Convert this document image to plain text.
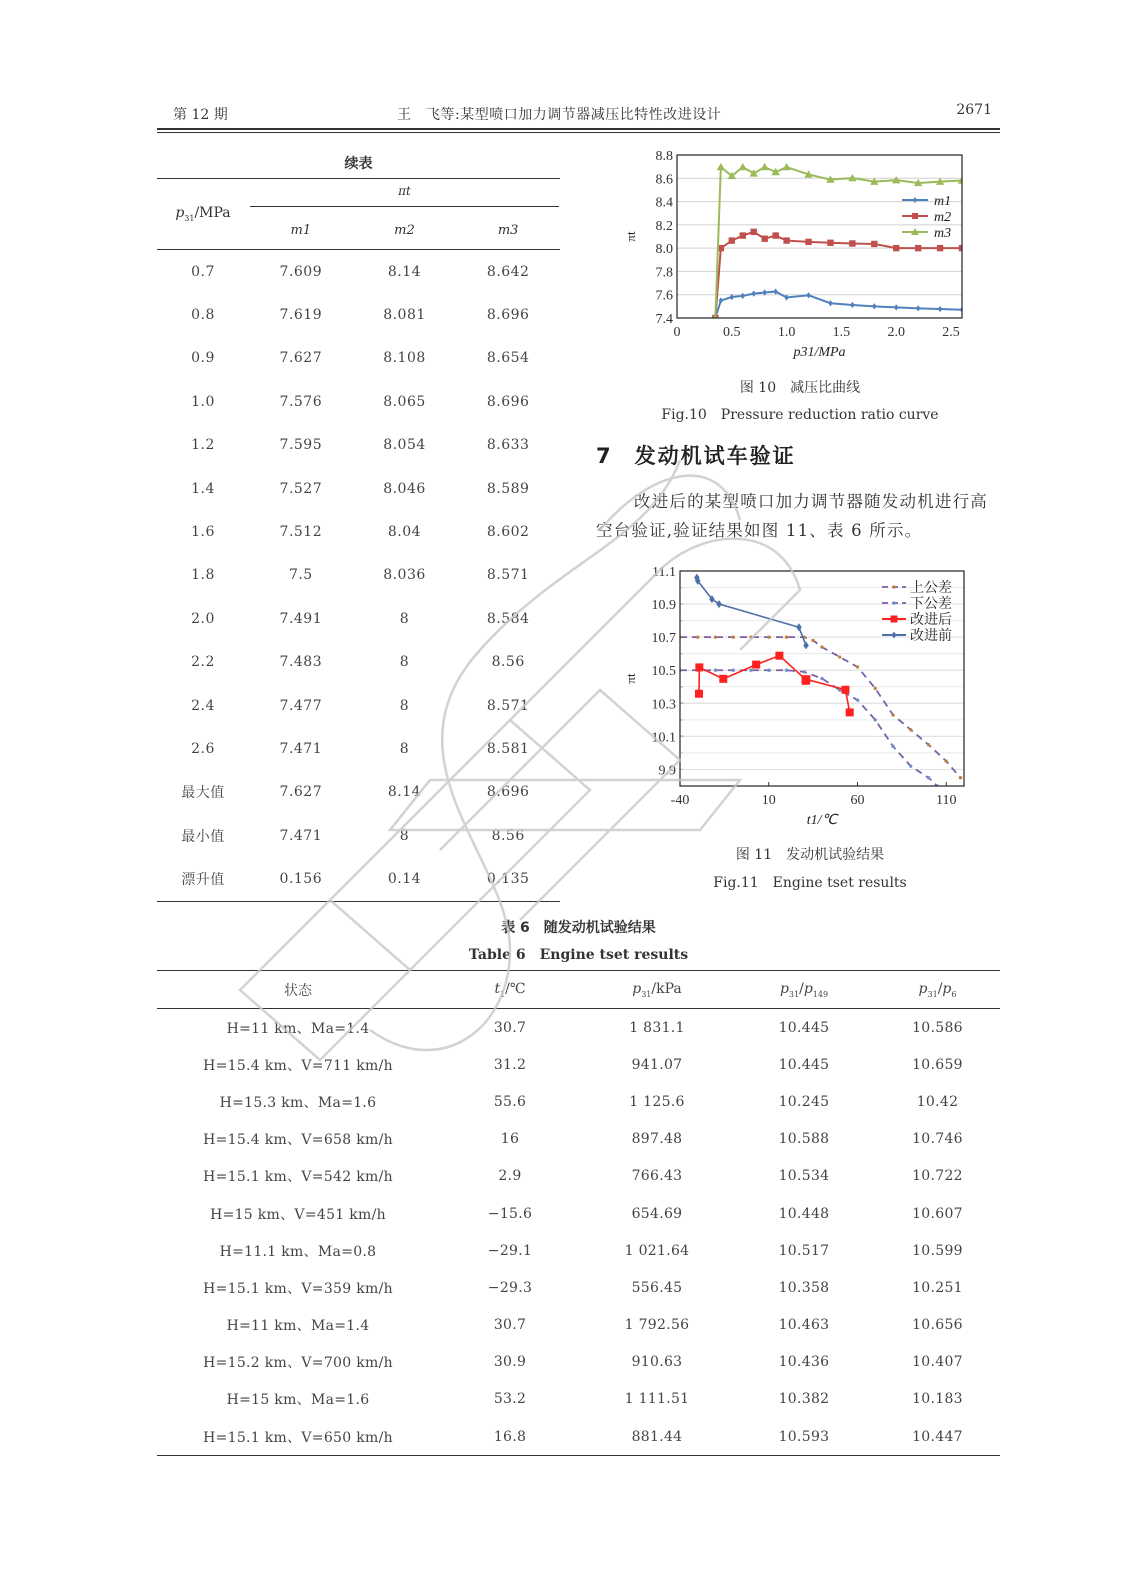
第 12 期	王　飞等:某型喷口加力调节器减压比特性改进设计	2671
续表
$p_{31}$/MPa	πt		

	m1	m2	m3
0.7	7.609	8.14	8.642
0.8	7.619	8.081	8.696
0.9	7.627	8.108	8.654
1.0	7.576	8.065	8.696
1.2	7.595	8.054	8.633
1.4	7.527	8.046	8.589
1.6	7.512	8.04	8.602
1.8	7.5	8.036	8.571
2.0	7.491	8	8.584
2.2	7.483	8	8.56
2.4	7.477	8	8.571
2.6	7.471	8	8.581
最大值	7.627	8.14	8.696
最小值	7.471	8	8.56
漂升值	0.156	0.14	0.135
7.4
7.6
7.8
8.0
8.2
8.4
8.6
8.8
0	0.5	1.0	1.5	2.0	2.5
p31/MPa
πt
m1
m2
m3
图 10　减压比曲线
Fig.10　Pressure reduction ratio curve
7 发动机试车验证
改进后的某型喷口加力调节器随发动机进行高空台验证,验证结果如图 11、表 6 所示。
9.9
10.1
10.3
10.5
10.7
10.9
11.1
-40	10	60	110
t1/℃
πt
上公差
下公差
改进后
改进前
图 11　发动机试验结果
Fig.11　Engine tset results
表 6　随发动机试验结果
Table 6　Engine tset results
状态	$t_1/℃$	$p_{31}$/kPa	$p_{31}/p_{149}$	$p_{31}/p_6$
H=11 km、Ma=1.4	30.7	1 831.1	10.445	10.586
H=15.4 km、V=711 km/h	31.2	941.07	10.445	10.659
H=15.3 km、Ma=1.6	55.6	1 125.6	10.245	10.42
H=15.4 km、V=658 km/h	16	897.48	10.588	10.746
H=15.1 km、V=542 km/h	2.9	766.43	10.534	10.722
H=15 km、V=451 km/h	−15.6	654.69	10.448	10.607
H=11.1 km、Ma=0.8	−29.1	1 021.64	10.517	10.599
H=15.1 km、V=359 km/h	−29.3	556.45	10.358	10.251
H=11 km、Ma=1.4	30.7	1 792.56	10.463	10.656
H=15.2 km、V=700 km/h	30.9	910.63	10.436	10.407
H=15 km、Ma=1.6	53.2	1 111.51	10.382	10.183
H=15.1 km、V=650 km/h	16.8	881.44	10.593	10.447
